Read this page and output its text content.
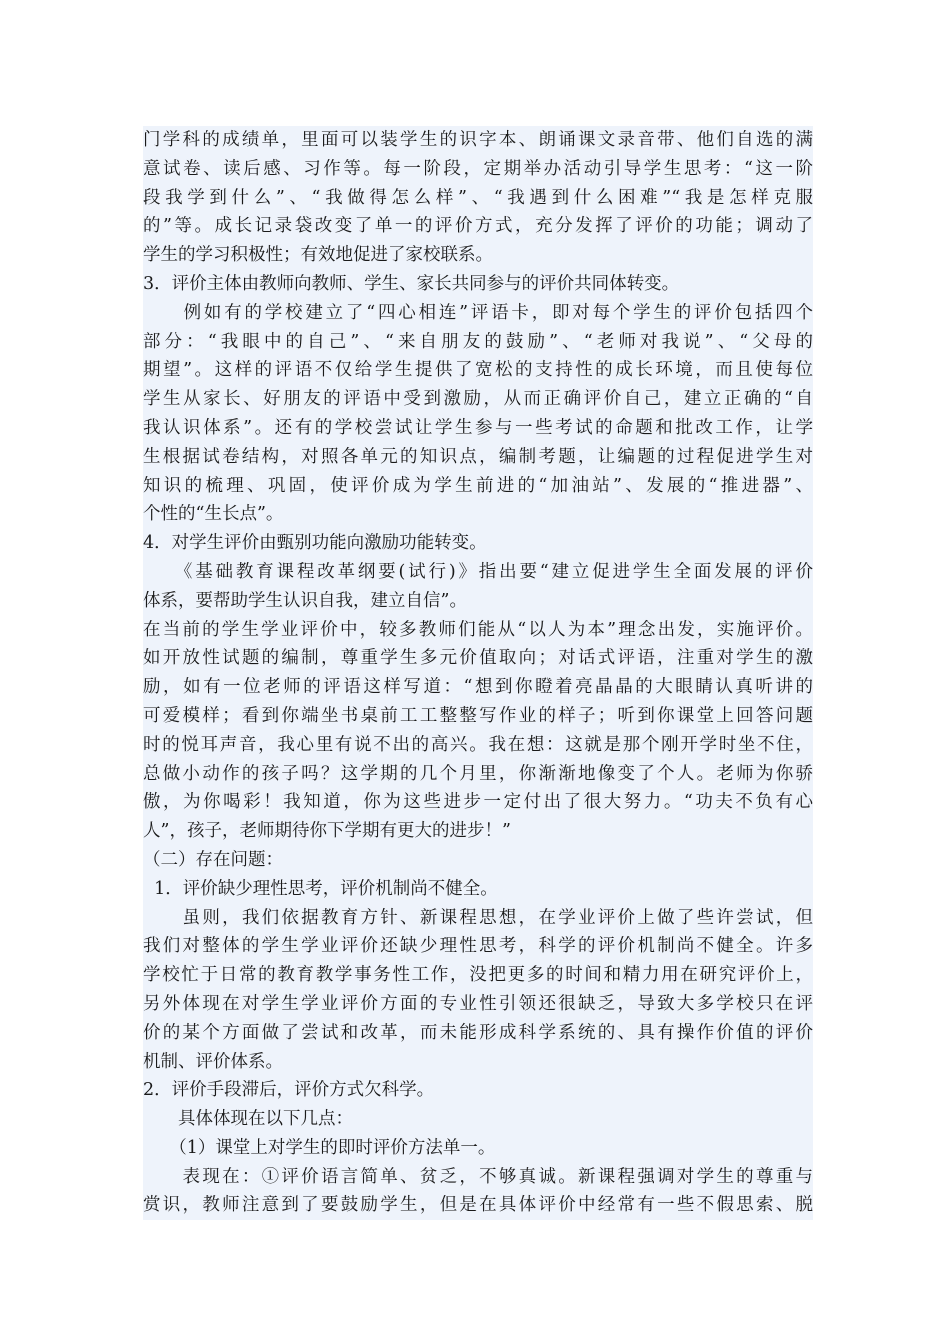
门学科的成绩单，里面可以装学生的识字本、朗诵课文录音带、他们自选的满
意试卷、读后感、习作等。每一阶段，定期举办活动引导学生思考：“这一阶
段我学到什么”、“我做得怎么样”、“我遇到什么困难”“我是怎样克服
的”等。成长记录袋改变了单一的评价方式，充分发挥了评价的功能；调动了
学生的学习积极性；有效地促进了家校联系。
3．评价主体由教师向教师、学生、家长共同参与的评价共同体转变。
　　例如有的学校建立了“四心相连”评语卡，即对每个学生的评价包括四个
部分：“我眼中的自己”、“来自朋友的鼓励”、“老师对我说”、“父母的
期望”。这样的评语不仅给学生提供了宽松的支持性的成长环境，而且使每位
学生从家长、好朋友的评语中受到激励，从而正确评价自己，建立正确的“自
我认识体系”。还有的学校尝试让学生参与一些考试的命题和批改工作，让学
生根据试卷结构，对照各单元的知识点，编制考题，让编题的过程促进学生对
知识的梳理、巩固，使评价成为学生前进的“加油站”、发展的“推进器”、
个性的“生长点”。
4．对学生评价由甄别功能向激励功能转变。
　　《基础教育课程改革纲要(试行)》指出要“建立促进学生全面发展的评价
体系，要帮助学生认识自我，建立自信”。
在当前的学生学业评价中，较多教师们能从“以人为本”理念出发，实施评价。
如开放性试题的编制，尊重学生多元价值取向；对话式评语，注重对学生的激
励，如有一位老师的评语这样写道：“想到你瞪着亮晶晶的大眼睛认真听讲的
可爱模样；看到你端坐书桌前工工整整写作业的样子；听到你课堂上回答问题
时的悦耳声音，我心里有说不出的高兴。我在想：这就是那个刚开学时坐不住，
总做小动作的孩子吗？这学期的几个月里，你渐渐地像变了个人。老师为你骄
傲，为你喝彩！我知道，你为这些进步一定付出了很大努力。“功夫不负有心
人”，孩子，老师期待你下学期有更大的进步！”
（二）存在问题：
1．评价缺少理性思考，评价机制尚不健全。
　　虽则，我们依据教育方针、新课程思想，在学业评价上做了些许尝试，但
我们对整体的学生学业评价还缺少理性思考，科学的评价机制尚不健全。许多
学校忙于日常的教育教学事务性工作，没把更多的时间和精力用在研究评价上，
另外体现在对学生学业评价方面的专业性引领还很缺乏，导致大多学校只在评
价的某个方面做了尝试和改革，而未能形成科学系统的、具有操作价值的评价
机制、评价体系。
2．评价手段滞后，评价方式欠科学。
　　具体体现在以下几点：
　　（1）课堂上对学生的即时评价方法单一。
　　表现在：①评价语言简单、贫乏，不够真诚。新课程强调对学生的尊重与
赏识，教师注意到了要鼓励学生，但是在具体评价中经常有一些不假思索、脱
